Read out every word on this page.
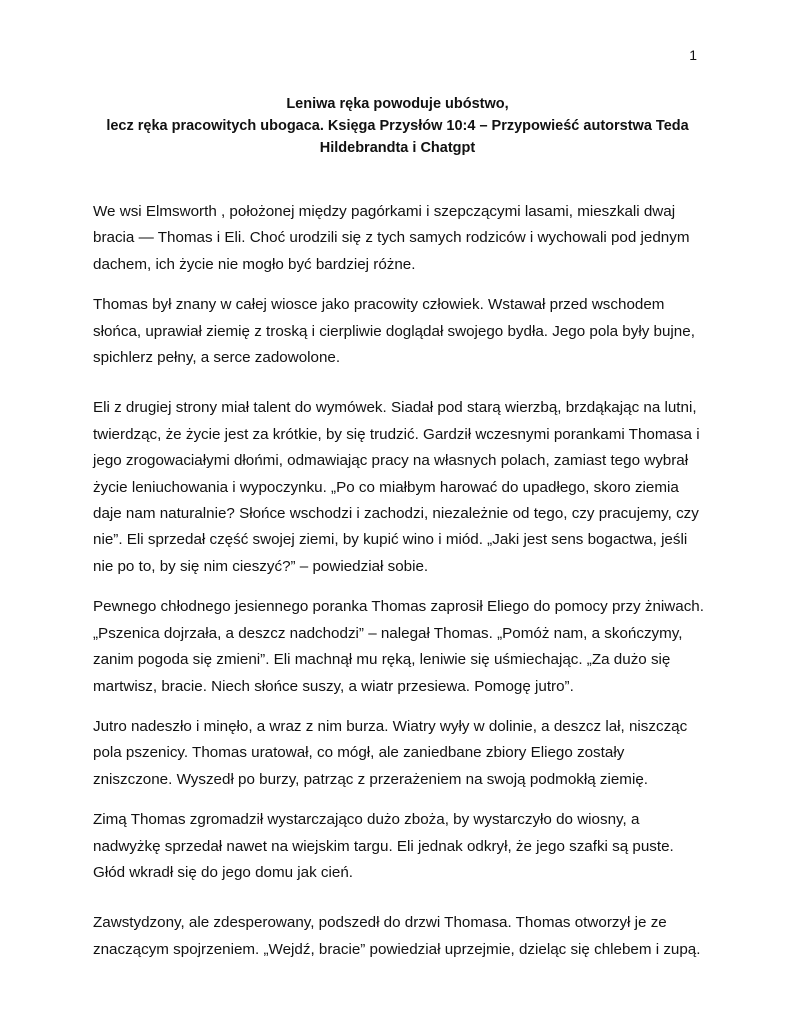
1
Leniwa ręka powoduje ubóstwo,
lecz ręka pracowitych ubogaca. Księga Przysłów 10:4 – Przypowieść autorstwa Teda
Hildebrandta i Chatgpt

We wsi Elmsworth , położonej między pagórkami i szepczącymi lasami, mieszkali dwaj bracia — Thomas i Eli. Choć urodzili się z tych samych rodziców i wychowali pod jednym dachem, ich życie nie mogło być bardziej różne.

Thomas był znany w całej wiosce jako pracowity człowiek. Wstawał przed wschodem słońca, uprawiał ziemię z troską i cierpliwie doglądał swojego bydła. Jego pola były bujne, spichlerz pełny, a serce zadowolone.

Eli z drugiej strony miał talent do wymówek. Siadał pod starą wierzbą, brzdąkając na lutni, twierdząc, że życie jest za krótkie, by się trudzić. Gardził wczesnymi porankami Thomasa i jego zrogowaciałymi dłońmi, odmawiając pracy na własnych polach, zamiast tego wybrał życie leniuchowania i wypoczynku. „Po co miałbym harować do upadłego, skoro ziemia daje nam naturalnie? Słońce wschodzi i zachodzi, niezależnie od tego, czy pracujemy, czy nie”. Eli sprzedał część swojej ziemi, by kupić wino i miód. „Jaki jest sens bogactwa, jeśli nie po to, by się nim cieszyć?” – powiedział sobie.

Pewnego chłodnego jesiennego poranka Thomas zaprosił Eliego do pomocy przy żniwach. „Pszenica dojrzała, a deszcz nadchodzi” – nalegał Thomas. „Pomóż nam, a skończymy, zanim pogoda się zmieni”. Eli machnął mu ręką, leniwie się uśmiechając. „Za dużo się martwisz, bracie. Niech słońce suszy, a wiatr przesiewa. Pomogę jutro”.

Jutro nadeszło i minęło, a wraz z nim burza. Wiatry wyły w dolinie, a deszcz lał, niszcząc pola pszenicy. Thomas uratował, co mógł, ale zaniedbane zbiory Eliego zostały zniszczone. Wyszedł po burzy, patrząc z przerażeniem na swoją podmokłą ziemię.

Zimą Thomas zgromadził wystarczająco dużo zboża, by wystarczyło do wiosny, a nadwyżkę sprzedał nawet na wiejskim targu. Eli jednak odkrył, że jego szafki są puste. Głód wkradł się do jego domu jak cień.

Zawstydzony, ale zdesperowany, podszedł do drzwi Thomasa. Thomas otworzył je ze znaczącym spojrzeniem. „Wejdź, bracie” powiedział uprzejmie, dzieląc się chlebem i zupą.
